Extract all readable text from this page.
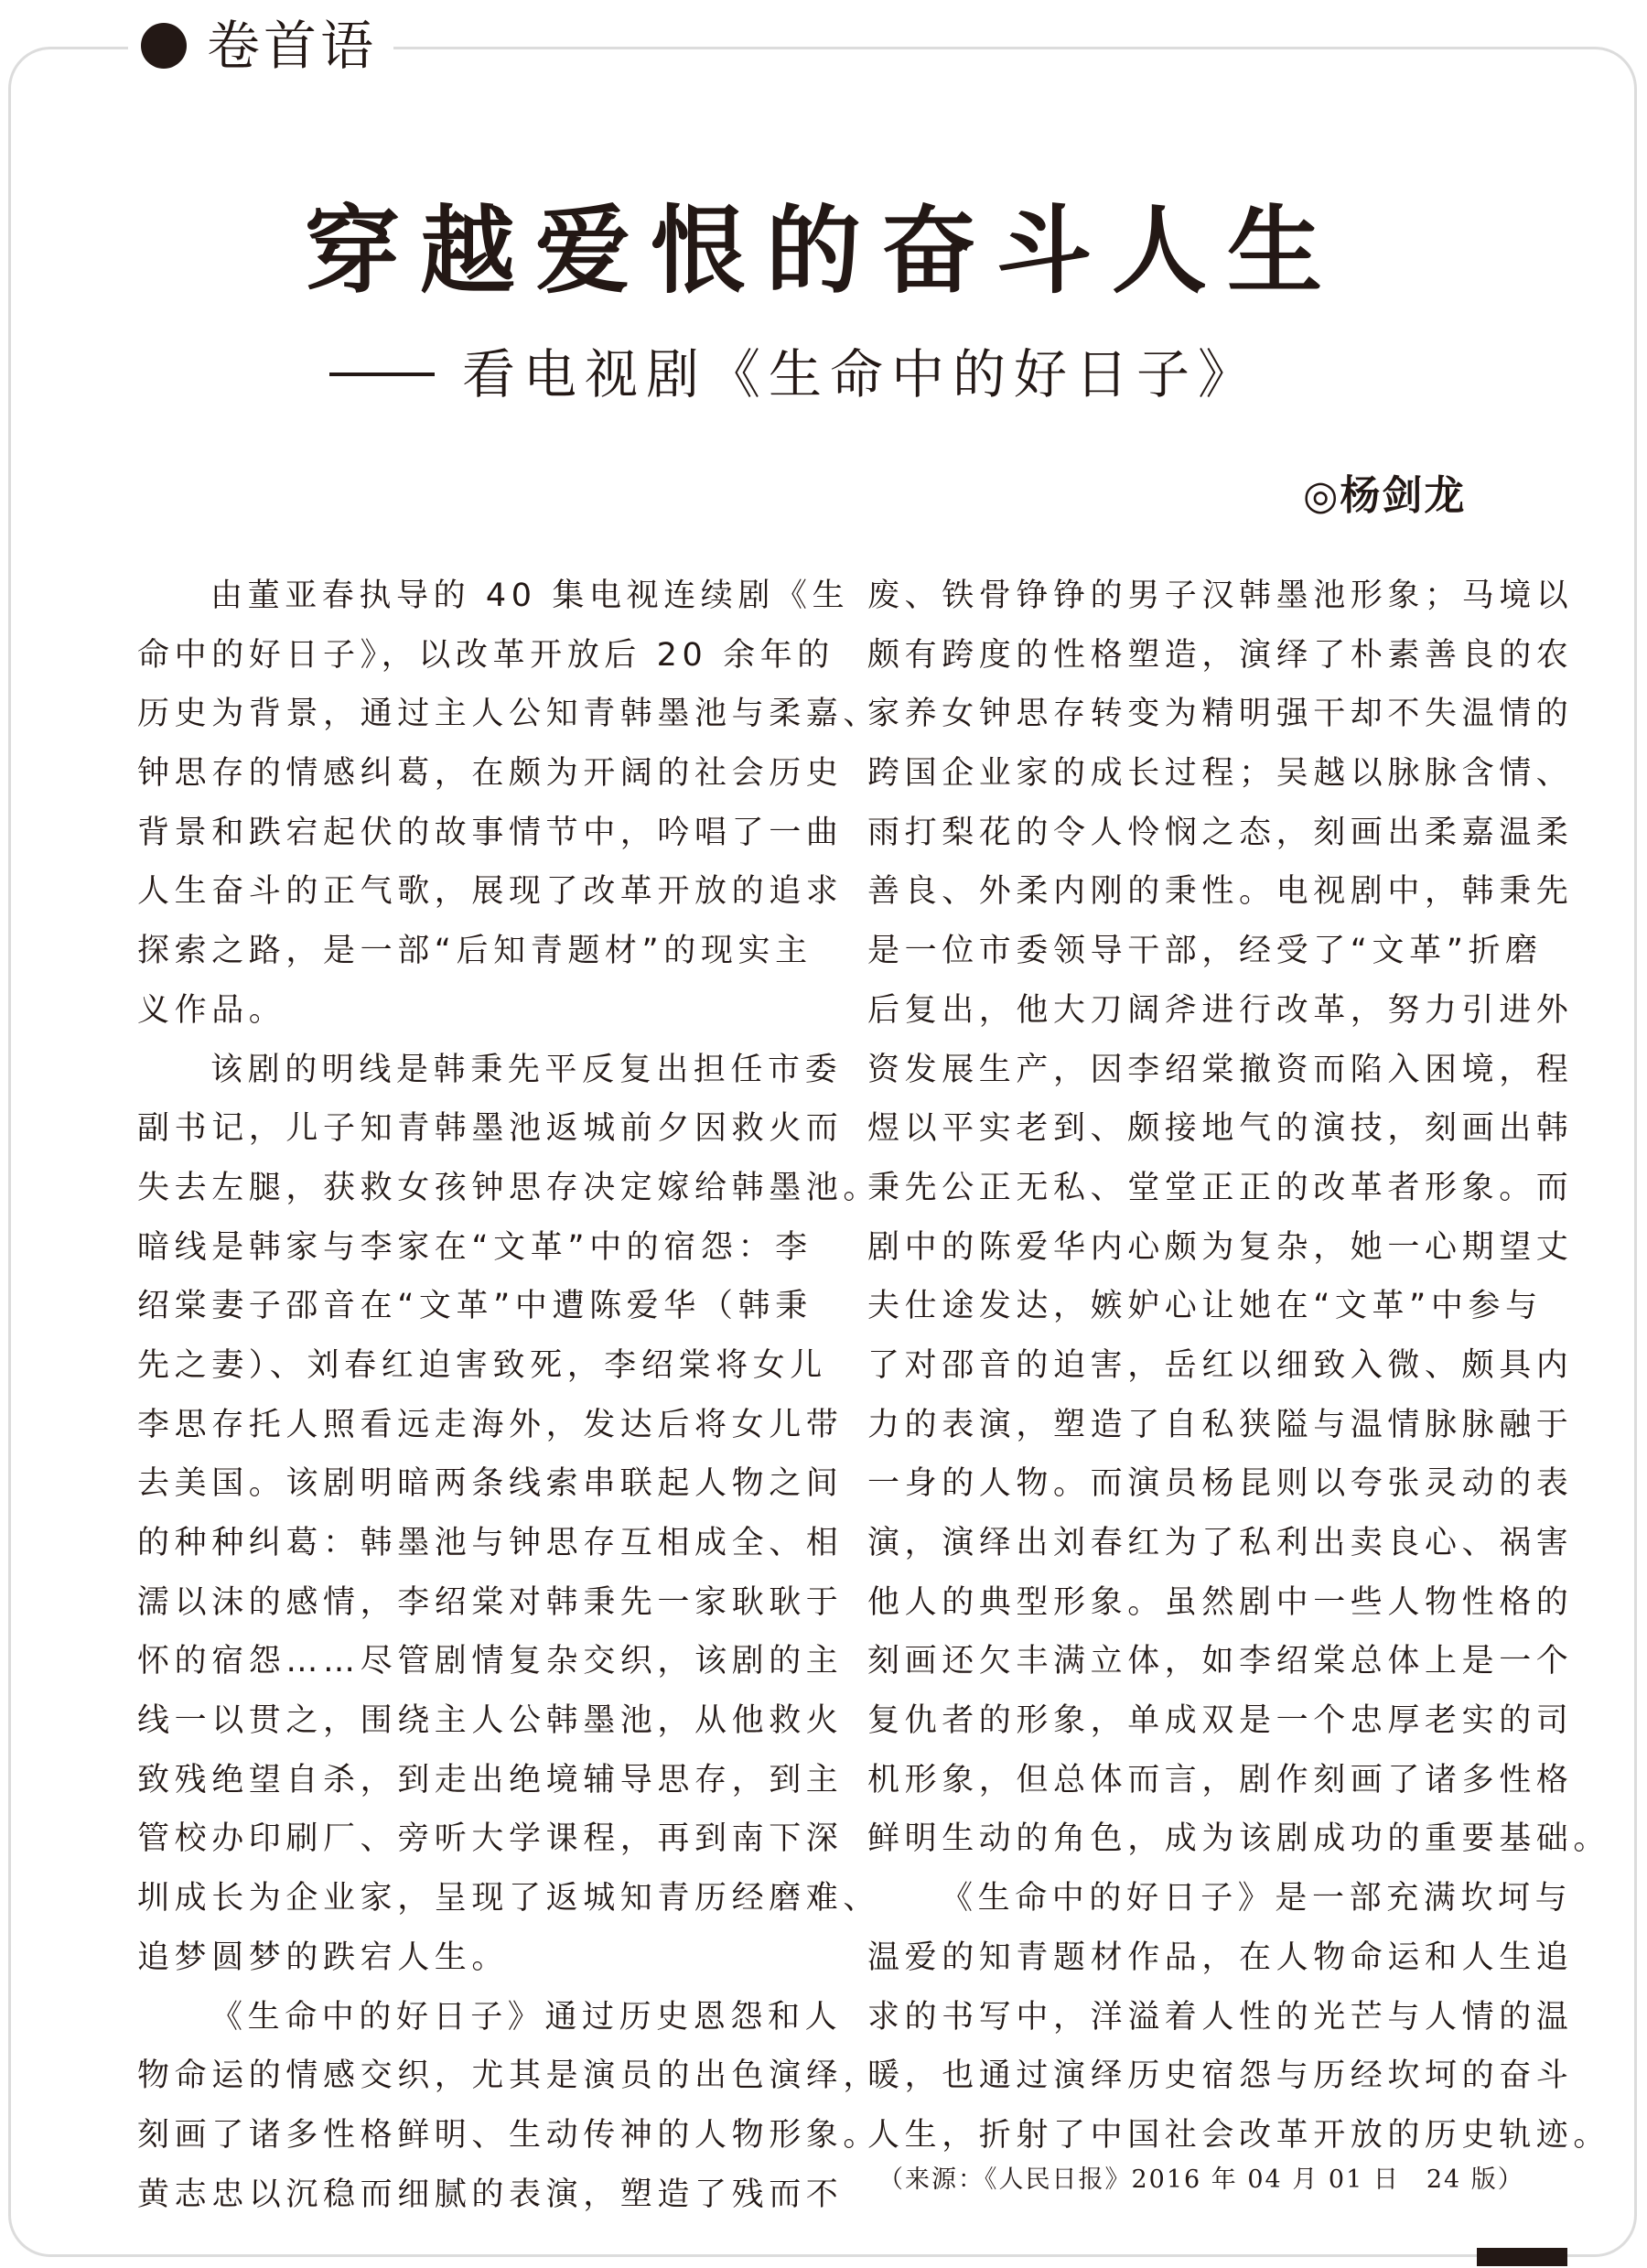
卷首语
穿越爱恨的奋斗人生
看电视剧《生命中的好日子》
◎杨剑龙
由董亚春执导的 40 集电视连续剧《生
命中的好日子》，以改革开放后 20 余年的
历史为背景，通过主人公知青韩墨池与柔嘉、
钟思存的情感纠葛，在颇为开阔的社会历史
背景和跌宕起伏的故事情节中，吟唱了一曲
人生奋斗的正气歌，展现了改革开放的追求
探索之路，是一部“后知青题材”的现实主
义作品。
该剧的明线是韩秉先平反复出担任市委
副书记，儿子知青韩墨池返城前夕因救火而
失去左腿，获救女孩钟思存决定嫁给韩墨池。
暗线是韩家与李家在“文革”中的宿怨：李
绍棠妻子邵音在“文革”中遭陈爱华（韩秉
先之妻）、刘春红迫害致死，李绍棠将女儿
李思存托人照看远走海外，发达后将女儿带
去美国。该剧明暗两条线索串联起人物之间
的种种纠葛：韩墨池与钟思存互相成全、相
濡以沫的感情，李绍棠对韩秉先一家耿耿于
怀的宿怨……尽管剧情复杂交织，该剧的主
线一以贯之，围绕主人公韩墨池，从他救火
致残绝望自杀，到走出绝境辅导思存，到主
管校办印刷厂、旁听大学课程，再到南下深
圳成长为企业家，呈现了返城知青历经磨难、
追梦圆梦的跌宕人生。
《生命中的好日子》通过历史恩怨和人
物命运的情感交织，尤其是演员的出色演绎，
刻画了诸多性格鲜明、生动传神的人物形象。
黄志忠以沉稳而细腻的表演，塑造了残而不
废、铁骨铮铮的男子汉韩墨池形象；马境以
颇有跨度的性格塑造，演绎了朴素善良的农
家养女钟思存转变为精明强干却不失温情的
跨国企业家的成长过程；吴越以脉脉含情、
雨打梨花的令人怜悯之态，刻画出柔嘉温柔
善良、外柔内刚的秉性。电视剧中，韩秉先
是一位市委领导干部，经受了“文革”折磨
后复出，他大刀阔斧进行改革，努力引进外
资发展生产，因李绍棠撤资而陷入困境，程
煜以平实老到、颇接地气的演技，刻画出韩
秉先公正无私、堂堂正正的改革者形象。而
剧中的陈爱华内心颇为复杂，她一心期望丈
夫仕途发达，嫉妒心让她在“文革”中参与
了对邵音的迫害，岳红以细致入微、颇具内
力的表演，塑造了自私狭隘与温情脉脉融于
一身的人物。而演员杨昆则以夸张灵动的表
演，演绎出刘春红为了私利出卖良心、祸害
他人的典型形象。虽然剧中一些人物性格的
刻画还欠丰满立体，如李绍棠总体上是一个
复仇者的形象，单成双是一个忠厚老实的司
机形象，但总体而言，剧作刻画了诸多性格
鲜明生动的角色，成为该剧成功的重要基础。
《生命中的好日子》是一部充满坎坷与
温爱的知青题材作品，在人物命运和人生追
求的书写中，洋溢着人性的光芒与人情的温
暖，也通过演绎历史宿怨与历经坎坷的奋斗
人生，折射了中国社会改革开放的历史轨迹。
（来源：《人民日报》2016 年 04 月 01 日　24 版）
